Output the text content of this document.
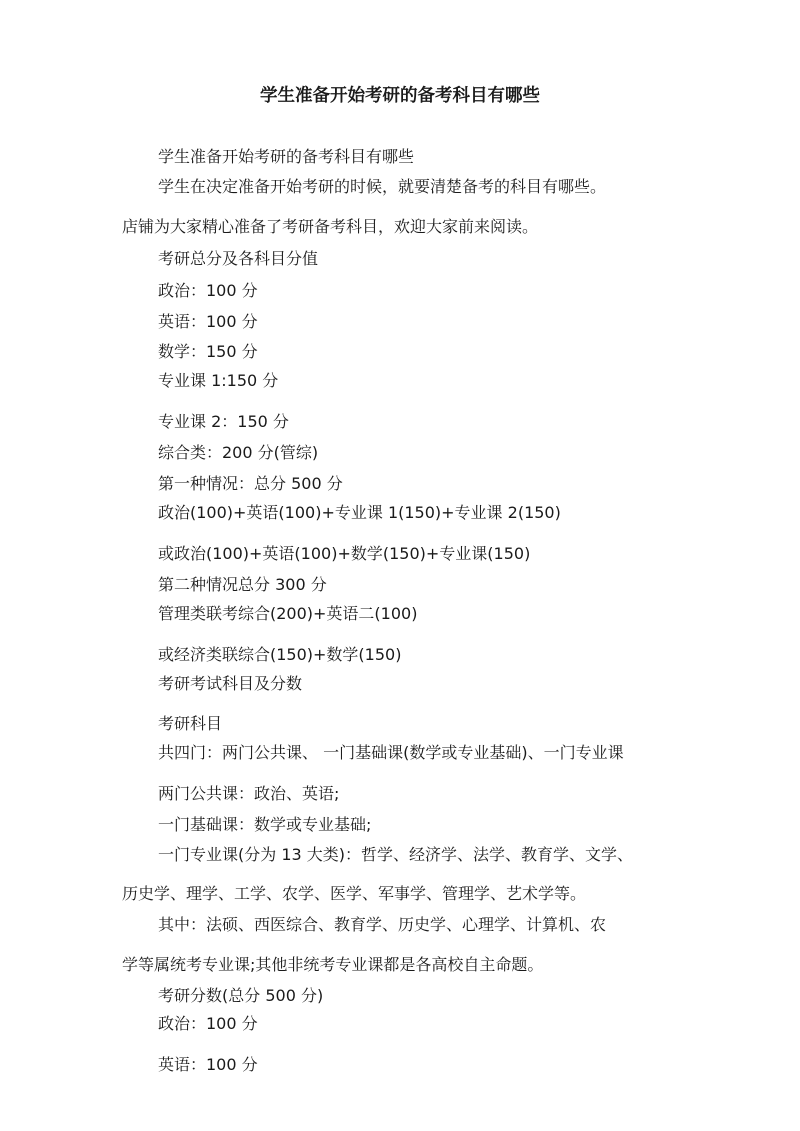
学生准备开始考研的备考科目有哪些
学生准备开始考研的备考科目有哪些
学生在决定准备开始考研的时候，就要清楚备考的科目有哪些。
店铺为大家精心准备了考研备考科目，欢迎大家前来阅读。
考研总分及各科目分值
政治：100 分
英语：100 分
数学：150 分
专业课 1:150 分
专业课 2：150 分
综合类：200 分(管综)
第一种情况：总分 500 分
政治(100)+英语(100)+专业课 1(150)+专业课 2(150)
或政治(100)+英语(100)+数学(150)+专业课(150)
第二种情况总分 300 分
管理类联考综合(200)+英语二(100)
或经济类联综合(150)+数学(150)
考研考试科目及分数
考研科目
共四门：两门公共课、 一门基础课(数学或专业基础)、一门专业课
两门公共课：政治、英语;
一门基础课：数学或专业基础;
一门专业课(分为 13 大类)：哲学、经济学、法学、教育学、文学、
历史学、理学、工学、农学、医学、军事学、管理学、艺术学等。
其中：法硕、西医综合、教育学、历史学、心理学、计算机、农
学等属统考专业课;其他非统考专业课都是各高校自主命题。
考研分数(总分 500 分)
政治：100 分
英语：100 分
